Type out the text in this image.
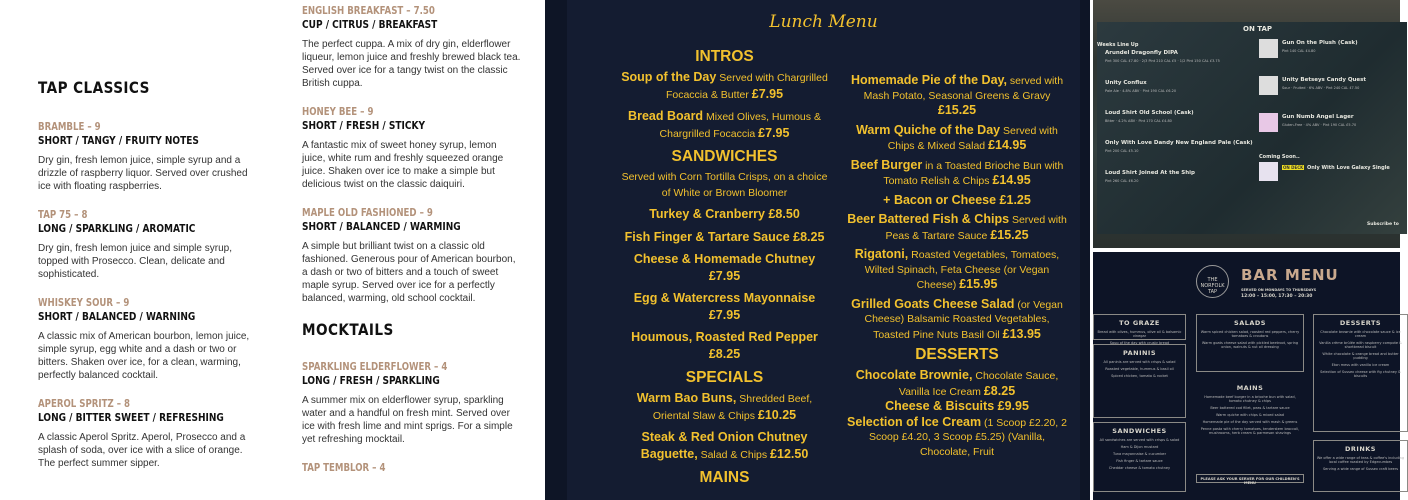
TAP CLASSICS
BRAMBLE – 9
SHORT / TANGY / FRUITY NOTES
Dry gin, fresh lemon juice, simple syrup and a drizzle of raspberry liquor. Served over crushed ice with floating raspberries.
TAP 75 – 8
LONG / SPARKLING / AROMATIC
Dry gin, fresh lemon juice and simple syrup, topped with Prosecco. Clean, delicate and sophisticated.
WHISKEY SOUR – 9
SHORT / BALANCED / WARNING
A classic mix of American bourbon, lemon juice, simple syrup, egg white and a dash or two or bitters. Shaken over ice, for a clean, warming, perfectly balanced cocktail.
APEROL SPRITZ – 8
LONG / BITTER SWEET / REFRESHING
A classic Aperol Spritz. Aperol, Prosecco and a splash of soda, over ice with a slice of orange. The perfect summer sipper.
ENGLISH BREAKFAST – 7.50
CUP / CITRUS / BREAKFAST
The perfect cuppa. A mix of dry gin, elderflower liqueur, lemon juice and freshly brewed black tea. Served over ice for a tangy twist on the classic British cuppa.
HONEY BEE – 9
SHORT / FRESH / STICKY
A fantastic mix of sweet honey syrup, lemon juice, white rum and freshly squeezed orange juice. Shaken over ice to make a simple but delicious twist on the classic daiquiri.
MAPLE OLD FASHIONED – 9
SHORT / BALANCED / WARMING
A simple but brilliant twist on a classic old fashioned. Generous pour of American bourbon, a dash or two of bitters and a touch of sweet maple syrup. Served over ice for a perfectly balanced, warming, old school cocktail.
MOCKTAILS
SPARKLING ELDERFLOWER – 4
LONG / FRESH / SPARKLING
A summer mix on elderflower syrup, sparkling water and a handful on fresh mint. Served over ice with fresh lime and mint sprigs. For a simple yet refreshing mocktail.
TAP TEMBLOR – 4
Lunch Menu
INTROS
Soup of the Day Served with Chargrilled Focaccia & Butter £7.95
Bread Board Mixed Olives, Humous & Chargrilled Focaccia £7.95
SANDWICHES
Served with Corn Tortilla Crisps, on a choice of White or Brown Bloomer
Turkey & Cranberry £8.50
Fish Finger & Tartare Sauce £8.25
Cheese & Homemade Chutney £7.95
Egg & Watercress Mayonnaise £7.95
Houmous, Roasted Red Pepper £8.25
SPECIALS
Warm Bao Buns, Shredded Beef, Oriental Slaw & Chips £10.25
Steak & Red Onion Chutney Baguette, Salad & Chips £12.50
MAINS
Homemade Pie of the Day, served with Mash Potato, Seasonal Greens & Gravy £15.25
Warm Quiche of the Day Served with Chips & Mixed Salad £14.95
Beef Burger in a Toasted Brioche Bun with Tomato Relish & Chips £14.95
+ Bacon or Cheese £1.25
Beer Battered Fish & Chips Served with Peas & Tartare Sauce £15.25
Rigatoni, Roasted Vegetables, Tomatoes, Wilted Spinach, Feta Cheese (or Vegan Cheese) £15.95
Grilled Goats Cheese Salad (or Vegan Cheese) Balsamic Roasted Vegetables, Toasted Pine Nuts Basil Oil £13.95
DESSERTS
Chocolate Brownie, Chocolate Sauce, Vanilla Ice Cream £8.25
Cheese & Biscuits £9.95
Selection of Ice Cream (1 Scoop £2.20, 2 Scoop £4.20, 3 Scoop £5.25) (Vanilla, Chocolate, Fruit
ON TAP
Weeks Line Up
Arundel Dragonfly DIPA
Pint 300 CAL £7.80 · 2/3 Pint 210 CAL £5 · 1/2 Pint 150 CAL £3.75
Unity Conflux
Pale Ale · 4.8% ABV · Pint 190 CAL £6.20
Loud Shirt Old School (Cask)
Bitter · 4.2% ABV · Pint 170 CAL £4.80
Only With Love Dandy New England Pale (Cask)
Pint 200 CAL £5.10
Loud Shirt Joined At the Ship
Pint 260 CAL £6.20
Gun On the Plush (Cask)
Pint 140 CAL £4.80
Unity Betseys Candy Quest
Sour · Fruited · 6% ABV · Pint 240 CAL £7.50
Gun Numb Angel Lager
Gluten-Free · 4% ABV · Pint 190 CAL £5.70
Coming Soon..
ON DECK Only With Love Galaxy Single
Subscribe to
THE NORFOLK TAP
BAR MENU
SERVED ON MONDAYS TO THURSDAYS
12:00 – 15:00, 17:30 – 20:30
TO GRAZE
Bread with olives, hummus, olive oil & balsamic vinegar
Soup of the day with crusty bread
PANINIS
All paninis are served with crisps & salad
Roasted vegetable, hummus & basil oil
Spiced chicken, tomato & rocket
SANDWICHES
All sandwiches are served with crisps & salad
Ham & Dijon mustard
Tuna mayonnaise & cucumber
Fish finger & tartare sauce
Cheddar cheese & tomato chutney
SALADS
Warm spiced chicken salad, roasted red peppers, cherry tomatoes & croutons
Warm goats cheese salad with pickled beetroot, spring onion, walnuts & nut oil dressing
MAINS
Homemade beef burger in a brioche bun with salad, tomato chutney & chips
Beer battered cod fillet, peas & tartare sauce
Warm quiche with chips & mixed salad
Homemade pie of the day served with mash & greens
Penne pasta with cherry tomatoes, tenderstem broccoli, mushrooms, herb cream & parmesan shavings
DESSERTS
Chocolate brownie with chocolate sauce & ice cream
Vanilla crème brûlée with raspberry compote & shortbread biscuit
White chocolate & orange bread and butter pudding
Eton mess with vanilla ice cream
Selection of Sussex cheese with fig chutney & biscuits
DRINKS
We offer a wide range of teas & coffee's including local coffee roasted by Edgecumbes
Serving a wide range of Sussex craft beers
PLEASE ASK YOUR SERVER FOR OUR CHILDREN'S MENU
